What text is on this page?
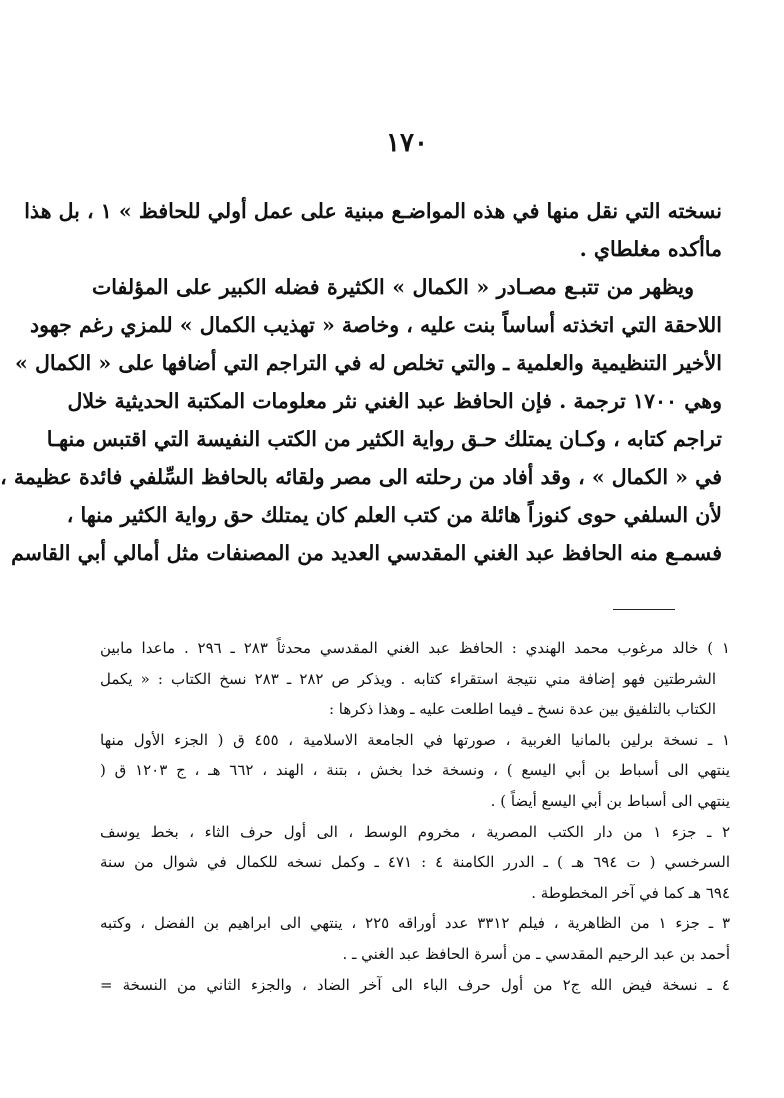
١٧٠
نسخته التي نقل منها في هذه المواضـع مبنية على عمل أولي للحافظ » ١ ، بل هذا
ماأكده مغلطاي .
ويظهر من تتبـع مصـادر « الكمال » الكثيرة فضله الكبير على المؤلفات
اللاحقة التي اتخذته أساساً بنت عليه ، وخاصة « تهذيب الكمال » للمزي رغم جهود
الأخير التنظيمية والعلمية ـ والتي تخلص له في التراجم التي أضافها على « الكمال »
وهي ١٧٠٠ ترجمة . فإن الحافظ عبد الغني نثر معلومات المكتبة الحديثية خلال
تراجم كتابه ، وكـان يمتلك حـق رواية الكثير من الكتب النفيسة التي اقتبس منهـا
في « الكمال » ، وقد أفاد من رحلته الى مصر ولقائه بالحافظ السِّلفي فائدة عظيمة ،
لأن السلفي حوى كنوزاً هائلة من كتب العلم كان يمتلك حق رواية الكثير منها ،
فسمـع منه الحافظ عبد الغني المقدسي العديد من المصنفات مثل أمالي أبي القاسم
١ ) خالد مرغوب محمد الهندي : الحافظ عبد الغني المقدسي محدثاً ٢٨٣ ـ ٢٩٦ . ماعدا مابين
الشرطتين فهو إضافة مني نتيجة استقراء كتابه . ويذكر ص ٢٨٢ ـ ٢٨٣ نسخ الكتاب : « يكمل
الكتاب بالتلفيق بين عدة نسخ ـ فيما اطلعت عليه ـ وهذا ذكرها :
١ ـ نسخة برلين بالمانيا الغربية ، صورتها في الجامعة الاسلامية ، ٤٥٥ ق ( الجزء الأول منها
ينتهي الى أسباط بن أبي اليسع ) ، ونسخة خدا بخش ، بتنة ، الهند ، ٦٦٢ هـ ، ج ١٢٠٣ ق (
ينتهي الى أسباط بن أبي اليسع أيضاً ) .
٢ ـ جزء ١ من دار الكتب المصرية ، مخروم الوسط ، الى أول حرف الثاء ، بخط يوسف
السرخسي ( ت ٦٩٤ هـ ) ـ الدرر الكامنة ٤ : ٤٧١ ـ وكمل نسخه للكمال في شوال من سنة
٦٩٤ هـ كما في آخر المخطوطة .
٣ ـ جزء ١ من الظاهرية ، فيلم ٣٣١٢ عدد أوراقه ٢٢٥ ، ينتهي الى ابراهيم بن الفضل ، وكتبه
أحمد بن عبد الرحيم المقدسي ـ من أسرة الحافظ عبد الغني ـ .
٤ ـ نسخة فيض الله ج٢ من أول حرف الباء الى آخر الضاد ، والجزء الثاني من النسخة =
